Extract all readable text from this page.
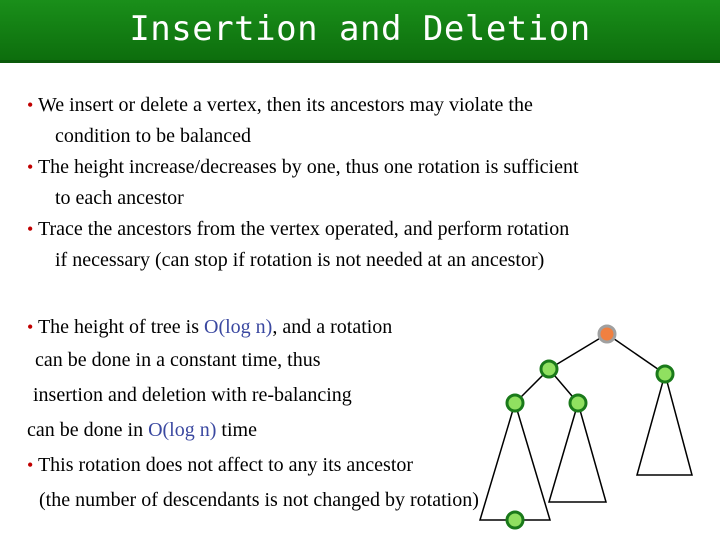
Insertion and Deletion
• We insert or delete a vertex, then its ancestors may violate the
condition to be balanced
• The height increase/decreases by one, thus one rotation is sufficient
to each ancestor
• Trace the ancestors from the vertex operated, and perform rotation
if necessary (can stop if rotation is not needed at an ancestor)
• The height of tree is O(log n), and a rotation
can be done in a constant time, thus
insertion and deletion with re-balancing
can be done in O(log n) time
• This rotation does not affect to any its ancestor
(the number of descendants is not changed by rotation)
